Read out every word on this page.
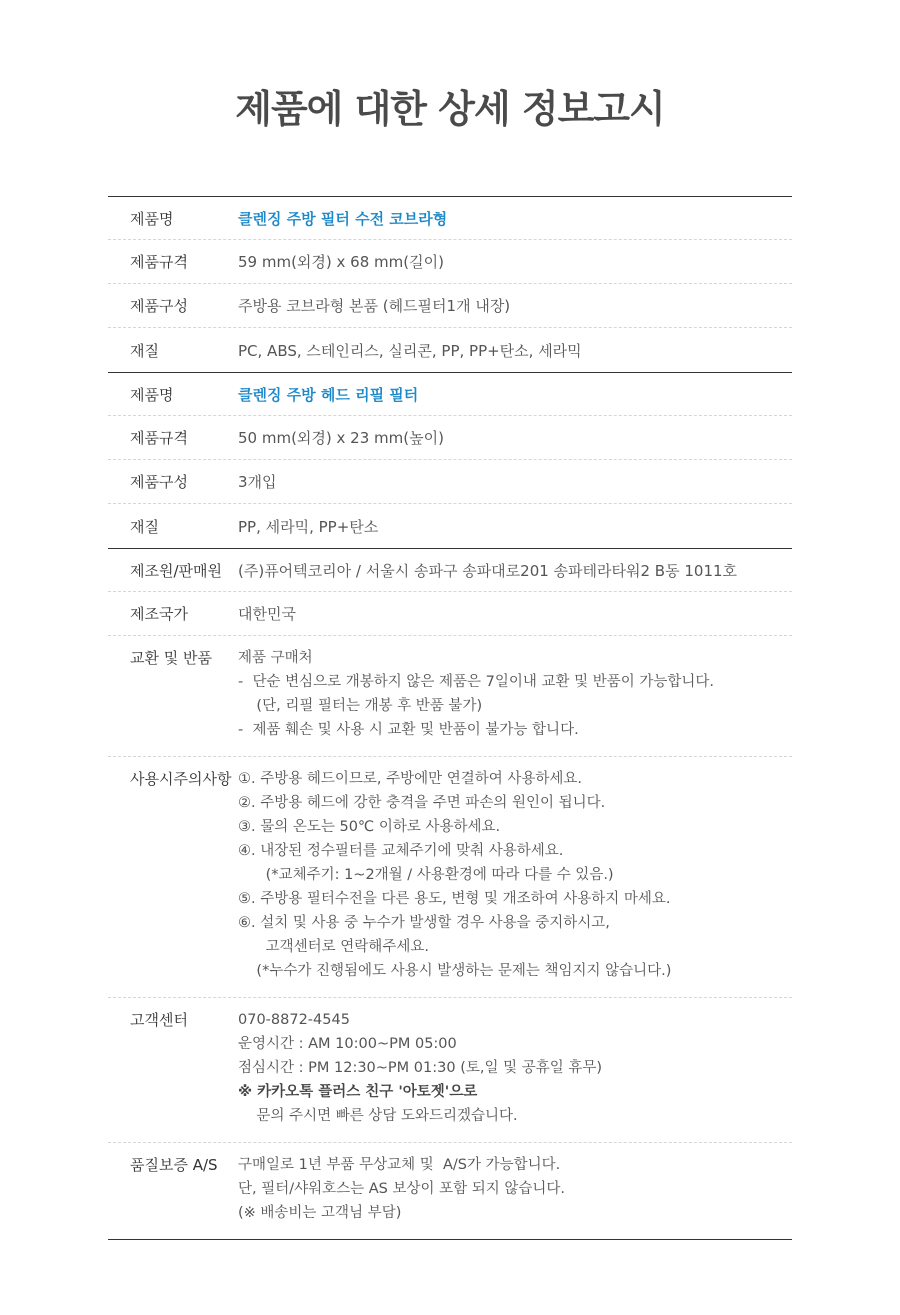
제품에 대한 상세 정보고시
제품명	클렌징 주방 필터 수전 코브라형
제품규격	59 mm(외경) x 68 mm(길이)
제품구성	주방용 코브라형 본품 (헤드필터1개 내장)
재질	PC, ABS, 스테인리스, 실리콘, PP, PP+탄소, 세라믹
제품명	클렌징 주방 헤드 리필 필터
제품규격	50 mm(외경) x 23 mm(높이)
제품구성	3개입
재질	PP, 세라믹, PP+탄소
제조원/판매원	(주)퓨어텍코리아 / 서울시 송파구 송파대로201 송파테라타워2 B동 1011호
제조국가	대한민국
교환 및 반품	제품 구매처
-  단순 변심으로 개봉하지 않은 제품은 7일이내 교환 및 반품이 가능합니다.
(단, 리필 필터는 개봉 후 반품 불가)
-  제품 훼손 및 사용 시 교환 및 반품이 불가능 합니다.
사용시주의사항 ①. 주방용 헤드이므로, 주방에만 연결하여 사용하세요.
②. 주방용 헤드에 강한 충격을 주면 파손의 원인이 됩니다.
③. 물의 온도는 50℃ 이하로 사용하세요.
④. 내장된 정수필터를 교체주기에 맞춰 사용하세요.
(*교체주기: 1~2개월 / 사용환경에 따라 다를 수 있음.)
⑤. 주방용 필터수전을 다른 용도, 변형 및 개조하여 사용하지 마세요.
⑥. 설치 및 사용 중 누수가 발생할 경우 사용을 중지하시고,
고객센터로 연락해주세요.
(*누수가 진행됨에도 사용시 발생하는 문제는 책임지지 않습니다.)
고객센터	070-8872-4545
운영시간 : AM 10:00~PM 05:00
점심시간 : PM 12:30~PM 01:30 (토,일 및 공휴일 휴무)
※ 카카오톡 플러스 친구 '아토젯'으로
문의 주시면 빠른 상담 도와드리겠습니다.
품질보증 A/S	구매일로 1년 부품 무상교체 및  A/S가 가능합니다.
단, 필터/샤워호스는 AS 보상이 포함 되지 않습니다.
(※ 배송비는 고객님 부담)
